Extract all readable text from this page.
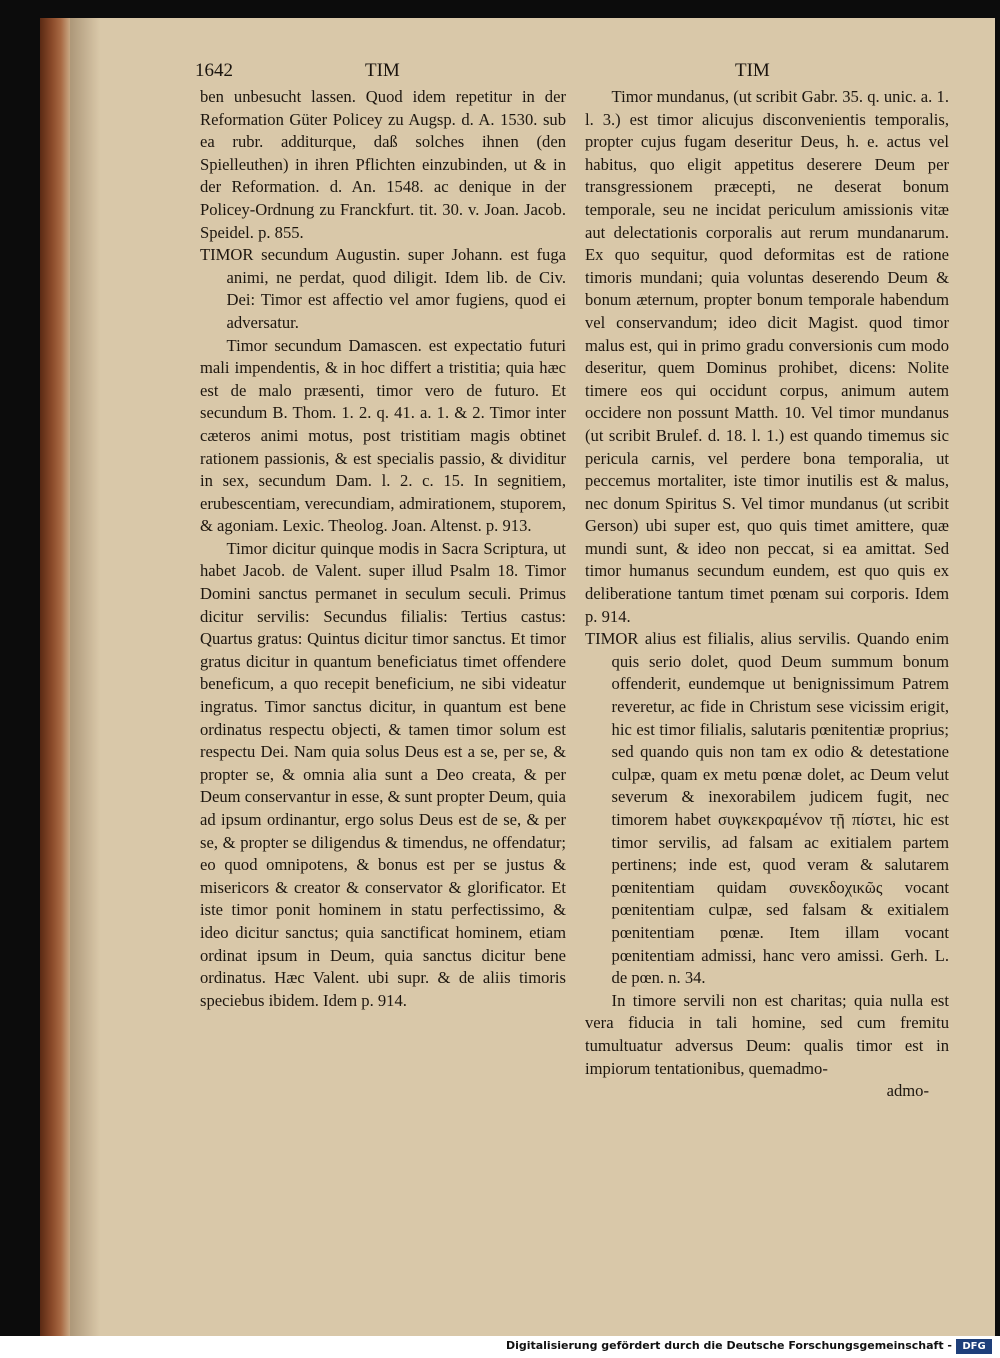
1642	TIM	TIM

ben unbesucht lassen. Quod idem repetitur in der Reformation Güter Policey zu Augsp. d. A. 1530. sub ea rubr. additurque, daß solches ihnen (den Spielleuthen) in ihren Pflichten einzubinden, ut & in der Reformation. d. An. 1548. ac denique in der Policey-Ordnung zu Franckfurt. tit. 30. v. Joan. Jacob. Speidel. p. 855.

TIMOR secundum Augustin. super Johann. est fuga animi, ne perdat, quod diligit. Idem lib. de Civ. Dei: Timor est affectio vel amor fugiens, quod ei adversatur.

Timor secundum Damascen. est expectatio futuri mali impendentis, & in hoc differt a tristitia; quia hæc est de malo præsenti, timor vero de futuro. Et secundum B. Thom. 1. 2. q. 41. a. 1. & 2. Timor inter cæteros animi motus, post tristitiam magis obtinet rationem passionis, & est specialis passio, & dividitur in sex, secundum Dam. l. 2. c. 15. In segnitiem, erubescentiam, verecundiam, admirationem, stuporem, & agoniam. Lexic. Theolog. Joan. Altenst. p. 913.

Timor dicitur quinque modis in Sacra Scriptura, ut habet Jacob. de Valent. super illud Psalm 18. Timor Domini sanctus permanet in seculum seculi. Primus dicitur servilis: Secundus filialis: Tertius castus: Quartus gratus: Quintus dicitur timor sanctus. Et timor gratus dicitur in quantum beneficiatus timet offendere beneficum, a quo recepit beneficium, ne sibi videatur ingratus. Timor sanctus dicitur, in quantum est bene ordinatus respectu objecti, & tamen timor solum est respectu Dei. Nam quia solus Deus est a se, per se, & propter se, & omnia alia sunt a Deo creata, & per Deum conservantur in esse, & sunt propter Deum, quia ad ipsum ordinantur, ergo solus Deus est de se, & per se, & propter se diligendus & timendus, ne offendatur; eo quod omnipotens, & bonus est per se justus & misericors & creator & conservator & glorificator. Et iste timor ponit hominem in statu perfectissimo, & ideo dicitur sanctus; quia sanctificat hominem, etiam ordinat ipsum in Deum, quia sanctus dicitur bene ordinatus. Hæc Valent. ubi supr. & de aliis timoris speciebus ibidem. Idem p. 914.

Timor mundanus, (ut scribit Gabr. 35. q. unic. a. 1. l. 3.) est timor alicujus disconvenientis temporalis, propter cujus fugam deseritur Deus, h. e. actus vel habitus, quo eligit appetitus deserere Deum per transgressionem præcepti, ne deserat bonum temporale, seu ne incidat periculum amissionis vitæ aut delectationis corporalis aut rerum mundanarum. Ex quo sequitur, quod deformitas est de ratione timoris mundani; quia voluntas deserendo Deum & bonum æternum, propter bonum temporale habendum vel conservandum; ideo dicit Magist. quod timor malus est, qui in primo gradu conversionis cum modo deseritur, quem Dominus prohibet, dicens: Nolite timere eos qui occidunt corpus, animum autem occidere non possunt Matth. 10. Vel timor mundanus (ut scribit Brulef. d. 18. l. 1.) est quando timemus sic pericula carnis, vel perdere bona temporalia, ut peccemus mortaliter, iste timor inutilis est & malus, nec donum Spiritus S. Vel timor mundanus (ut scribit Gerson) ubi super est, quo quis timet amittere, quæ mundi sunt, & ideo non peccat, si ea amittat. Sed timor humanus secundum eundem, est quo quis ex deliberatione tantum timet pœnam sui corporis. Idem p. 914.

TIMOR alius est filialis, alius servilis. Quando enim quis serio dolet, quod Deum summum bonum offenderit, eundemque ut benignissimum Patrem reveretur, ac fide in Christum sese vicissim erigit, hic est timor filialis, salutaris pœnitentiæ proprius; sed quando quis non tam ex odio & detestatione culpæ, quam ex metu pœnæ dolet, ac Deum velut severum & inexorabilem judicem fugit, nec timorem habet συγκεκραμένον τῇ πίστει, hic est timor servilis, ad falsam ac exitialem partem pertinens; inde est, quod veram & salutarem pœnitentiam quidam συνεκδοχικῶς vocant pœnitentiam culpæ, sed falsam & exitialem pœnitentiam pœnæ. Item illam vocant pœnitentiam admissi, hanc vero amissi. Gerh. L. de pœn. n. 34.

In timore servili non est charitas; quia nulla est vera fiducia in tali homine, sed cum fremitu tumultuatur adversus Deum: qualis timor est in impiorum tentationibus, quemadmo-

admo-
Digitalisierung gefördert durch die Deutsche Forschungsgemeinschaft -	DFG
